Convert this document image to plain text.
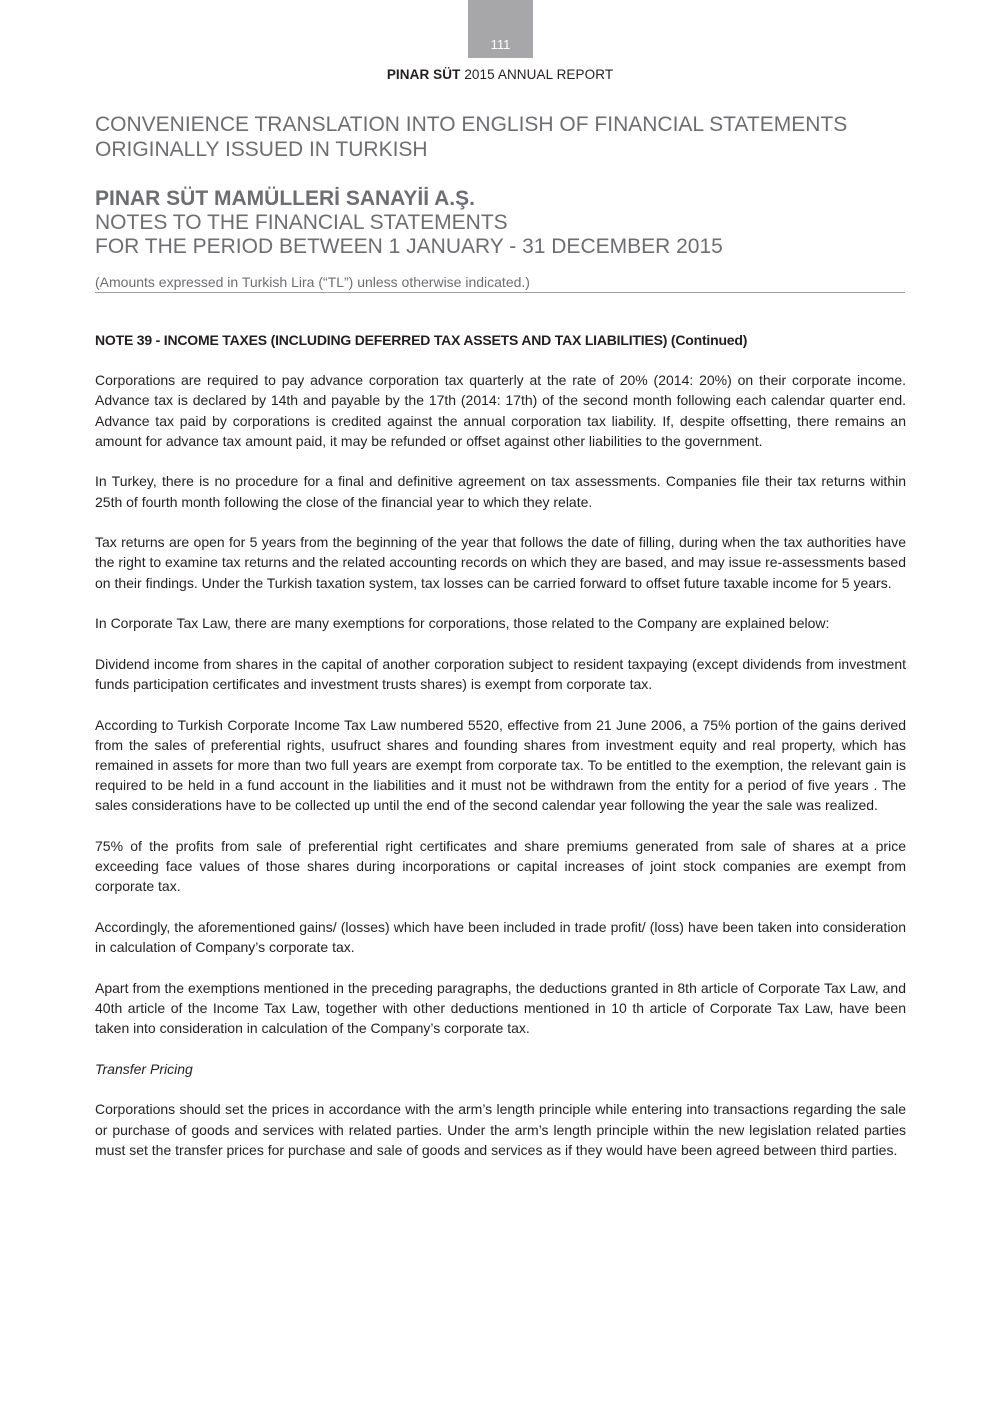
111
PINAR SÜT 2015 ANNUAL REPORT
CONVENIENCE TRANSLATION INTO ENGLISH OF FINANCIAL STATEMENTS
ORIGINALLY ISSUED IN TURKISH
PINAR SÜT MAMÜLLERİ SANAYİİ A.Ş.
NOTES TO THE FINANCIAL STATEMENTS
FOR THE PERIOD BETWEEN 1 JANUARY - 31 DECEMBER 2015
(Amounts expressed in Turkish Lira (“TL”) unless otherwise indicated.)
NOTE 39 - INCOME TAXES (INCLUDING DEFERRED TAX ASSETS AND TAX LIABILITIES) (Continued)

Corporations are required to pay advance corporation tax quarterly at the rate of 20% (2014: 20%) on their corporate income. Advance tax is declared by 14th and payable by the 17th (2014: 17th) of the second month following each calendar quarter end. Advance tax paid by corporations is credited against the annual corporation tax liability. If, despite offsetting, there remains an amount for advance tax amount paid, it may be refunded or offset against other liabilities to the government.

In Turkey, there is no procedure for a final and definitive agreement on tax assessments. Companies file their tax returns within 25th of fourth month following the close of the financial year to which they relate.

Tax returns are open for 5 years from the beginning of the year that follows the date of filling, during when the tax authorities have the right to examine tax returns and the related accounting records on which they are based, and may issue re-assessments based on their findings. Under the Turkish taxation system, tax losses can be carried forward to offset future taxable income for 5 years.

In Corporate Tax Law, there are many exemptions for corporations, those related to the Company are explained below:

Dividend income from shares in the capital of another corporation subject to resident taxpaying (except dividends from investment funds participation certificates and investment trusts shares) is exempt from corporate tax.

According to Turkish Corporate Income Tax Law numbered 5520, effective from 21 June 2006, a 75% portion of the gains derived from the sales of preferential rights, usufruct shares and founding shares from investment equity and real property, which has remained in assets for more than two full years are exempt from corporate tax. To be entitled to the exemption, the relevant gain is required to be held in a fund account in the liabilities and it must not be withdrawn from the entity for a period of five years . The sales considerations have to be collected up until the end of the second calendar year following the year the sale was realized.

75% of the profits from sale of preferential right certificates and share premiums generated from sale of shares at a price exceeding face values of those shares during incorporations or capital increases of joint stock companies are exempt from corporate tax.

Accordingly, the aforementioned gains/ (losses) which have been included in trade profit/ (loss) have been taken into consideration in calculation of Company’s corporate tax.

Apart from the exemptions mentioned in the preceding paragraphs, the deductions granted in 8th article of Corporate Tax Law, and 40th article of the Income Tax Law, together with other deductions mentioned in 10 th article of Corporate Tax Law, have been taken into consideration in calculation of the Company’s corporate tax.

Transfer Pricing

Corporations should set the prices in accordance with the arm’s length principle while entering into transactions regarding the sale or purchase of goods and services with related parties. Under the arm’s length principle within the new legislation related parties must set the transfer prices for purchase and sale of goods and services as if they would have been agreed between third parties.
